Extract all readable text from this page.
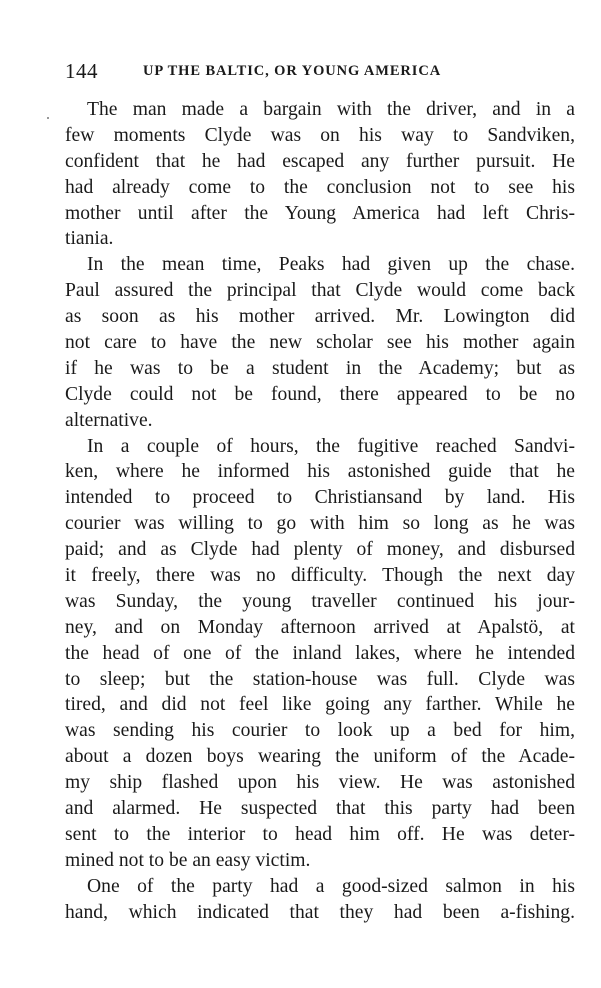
144	UP THE BALTIC, OR YOUNG AMERICA
The man made a bargain with the driver, and in a
few moments Clyde was on his way to Sandviken,
confident that he had escaped any further pursuit. He
had already come to the conclusion not to see his
mother until after the Young America had left Chris-
tiania.
In the mean time, Peaks had given up the chase.
Paul assured the principal that Clyde would come back
as soon as his mother arrived. Mr. Lowington did
not care to have the new scholar see his mother again
if he was to be a student in the Academy; but as
Clyde could not be found, there appeared to be no
alternative.
In a couple of hours, the fugitive reached Sandvi-
ken, where he informed his astonished guide that he
intended to proceed to Christiansand by land. His
courier was willing to go with him so long as he was
paid; and as Clyde had plenty of money, and disbursed
it freely, there was no difficulty. Though the next day
was Sunday, the young traveller continued his jour-
ney, and on Monday afternoon arrived at Apalstö, at
the head of one of the inland lakes, where he intended
to sleep; but the station-house was full. Clyde was
tired, and did not feel like going any farther. While he
was sending his courier to look up a bed for him,
about a dozen boys wearing the uniform of the Acade-
my ship flashed upon his view. He was astonished
and alarmed. He suspected that this party had been
sent to the interior to head him off. He was deter-
mined not to be an easy victim.
One of the party had a good-sized salmon in his
hand, which indicated that they had been a-fishing.
